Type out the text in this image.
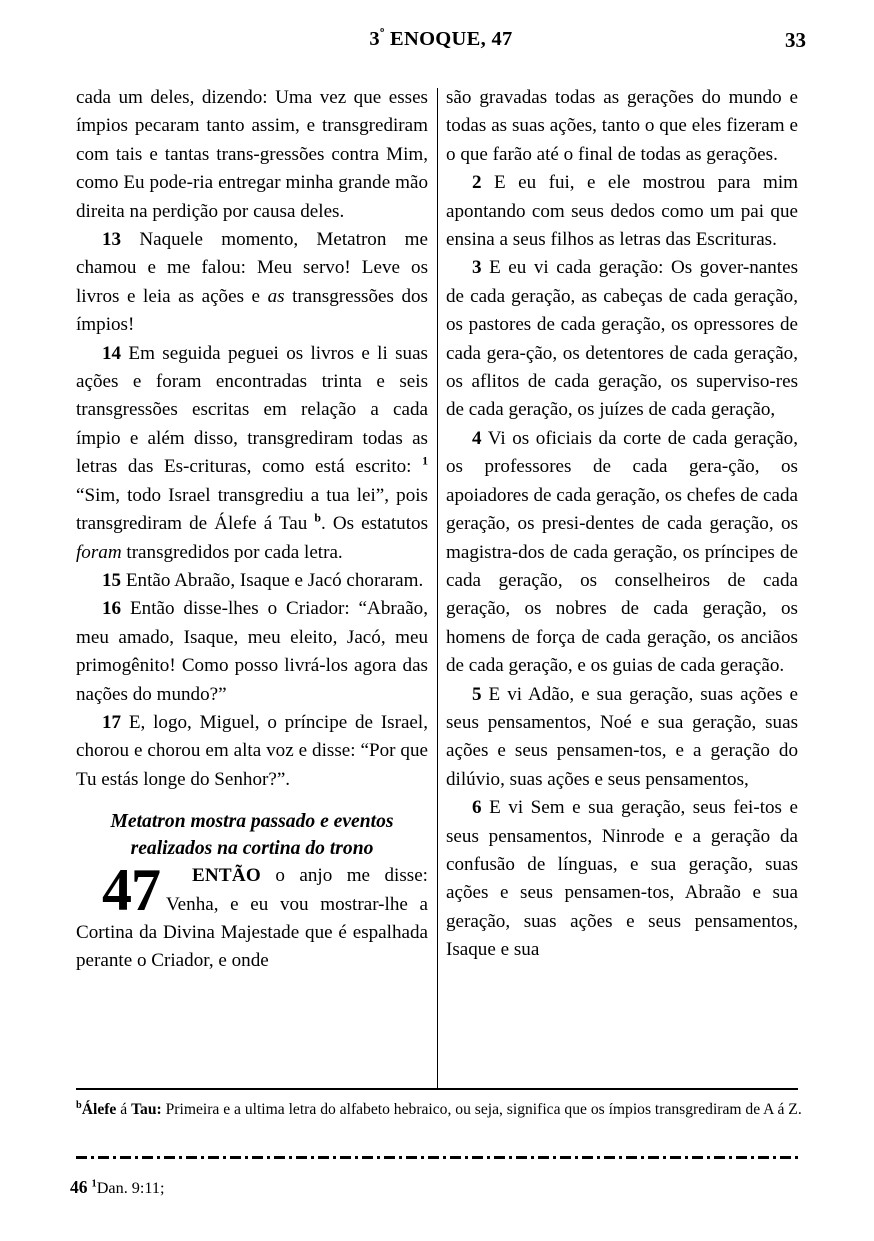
$3^º$ ENOQUE, 47	33

cada um deles, dizendo: Uma vez que esses ímpios pecaram tanto assim, e transgrediram com tais e tantas trans-gressões contra Mim, como Eu pode-ria entregar minha grande mão direita na perdição por causa deles.

13 Naquele momento, Metatron me chamou e me falou: Meu servo! Leve os livros e leia as ações e as transgressões dos ímpios!

14 Em seguida peguei os livros e li suas ações e foram encontradas trinta e seis transgressões escritas em relação a cada ímpio e além disso, transgrediram todas as letras das Es-crituras, como está escrito: $^1$ “Sim, todo Israel transgrediu a tua lei”, pois transgrediram de Álefe á Tau $^b$. Os estatutos foram transgredidos por cada letra.

15 Então Abraão, Isaque e Jacó choraram.

16 Então disse-lhes o Criador: “Abraão, meu amado, Isaque, meu eleito, Jacó, meu primogênito! Como posso livrá-los agora das nações do mundo?”

17 E, logo, Miguel, o príncipe de Israel, chorou e chorou em alta voz e disse: “Por que Tu estás longe do Senhor?”.

Metatron mostra passado e eventos
realizados na cortina do trono

47 ENTÃO o anjo me disse: Venha, e eu vou mostrar-lhe a Cortina da Divina Majestade que é espalhada perante o Criador, e onde

são gravadas todas as gerações do mundo e todas as suas ações, tanto o que eles fizeram e o que farão até o final de todas as gerações.

2 E eu fui, e ele mostrou para mim apontando com seus dedos como um pai que ensina a seus filhos as letras das Escrituras.

3 E eu vi cada geração: Os gover-nantes de cada geração, as cabeças de cada geração, os pastores de cada geração, os opressores de cada gera-ção, os detentores de cada geração, os aflitos de cada geração, os superviso-res de cada geração, os juízes de cada geração,

4 Vi os oficiais da corte de cada geração, os professores de cada gera-ção, os apoiadores de cada geração, os chefes de cada geração, os presi-dentes de cada geração, os magistra-dos de cada geração, os príncipes de cada geração, os conselheiros de cada geração, os nobres de cada geração, os homens de força de cada geração, os anciãos de cada geração, e os guias de cada geração.

5 E vi Adão, e sua geração, suas ações e seus pensamentos, Noé e sua geração, suas ações e seus pensamen-tos, e a geração do dilúvio, suas ações e seus pensamentos,

6 E vi Sem e sua geração, seus fei-tos e seus pensamentos, Ninrode e a geração da confusão de línguas, e sua geração, suas ações e seus pensamen-tos, Abraão e sua geração, suas ações e seus pensamentos, Isaque e sua

$^b$Álefe á Tau: Primeira e a ultima letra do alfabeto hebraico, ou seja, significa que os ímpios transgrediram de A á Z.
46 $^1$Dan. 9:11;
